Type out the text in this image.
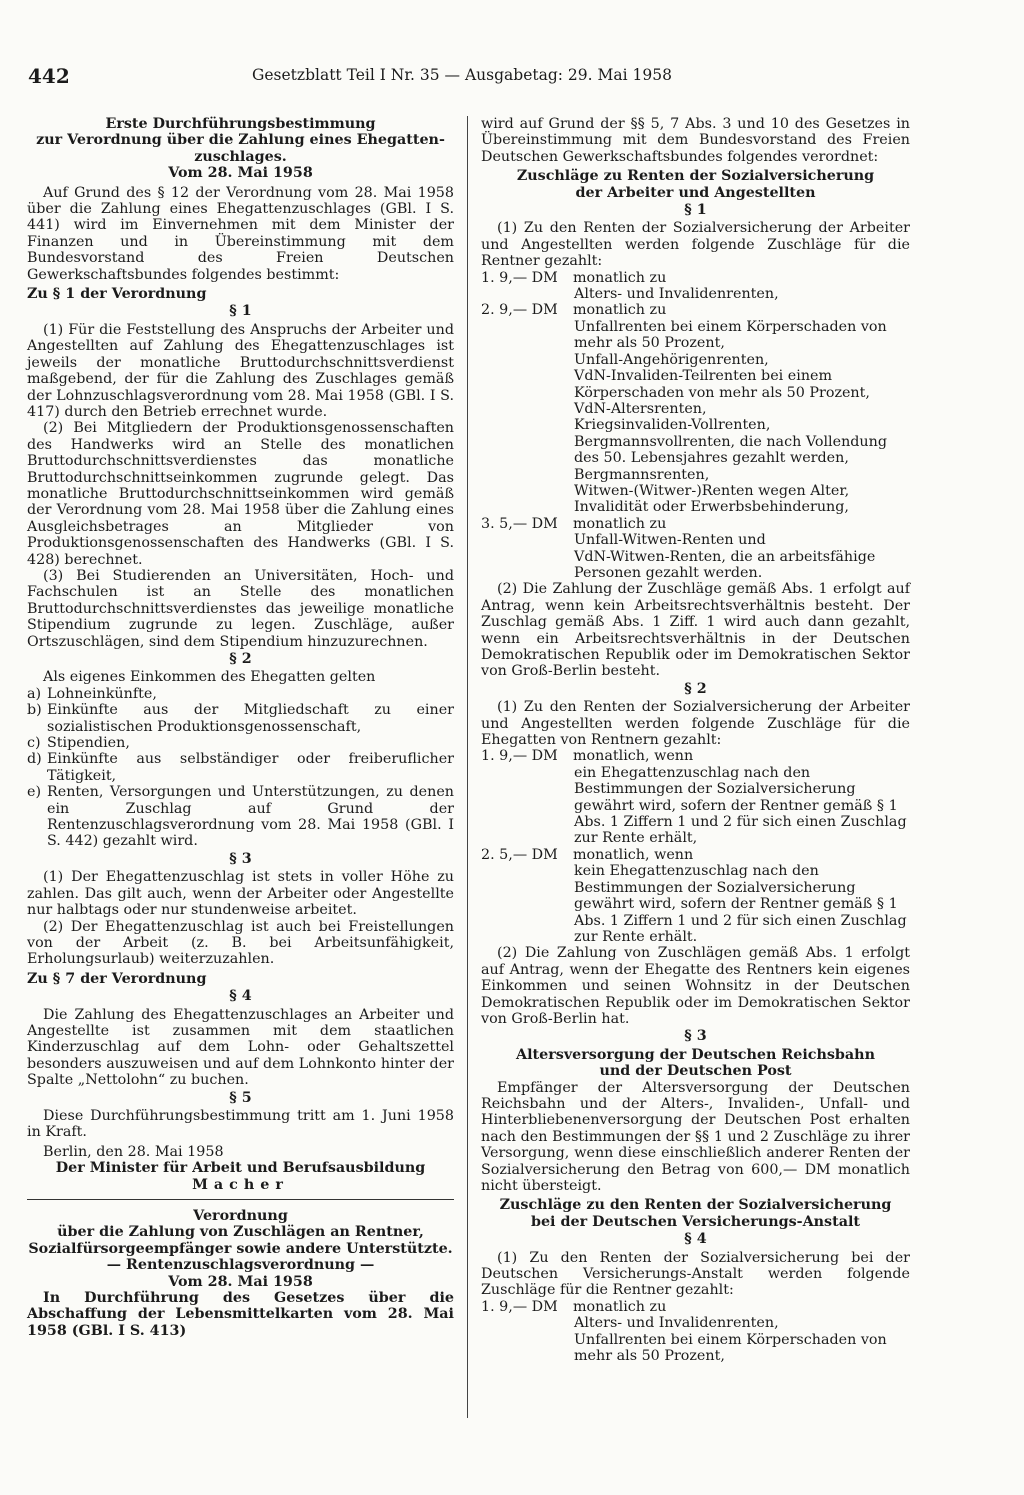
442	Gesetzblatt Teil I Nr. 35 — Ausgabetag: 29. Mai 1958

Erste Durchführungsbestimmung

zur Verordnung über die Zahlung eines Ehegatten-

zuschlages.

Vom 28. Mai 1958

Auf Grund des § 12 der Verordnung vom 28. Mai 1958 über die Zahlung eines Ehegattenzuschlages (GBl. I S. 441) wird im Einvernehmen mit dem Minister der Finanzen und in Übereinstimmung mit dem Bundesvorstand des Freien Deutschen Gewerkschaftsbundes folgendes bestimmt:

Zu § 1 der Verordnung

§ 1

(1) Für die Feststellung des Anspruchs der Arbeiter und Angestellten auf Zahlung des Ehegattenzuschlages ist jeweils der monatliche Bruttodurchschnittsverdienst maßgebend, der für die Zahlung des Zuschlages gemäß der Lohnzuschlagsverordnung vom 28. Mai 1958 (GBl. I S. 417) durch den Betrieb errechnet wurde.

(2) Bei Mitgliedern der Produktionsgenossenschaften des Handwerks wird an Stelle des monatlichen Bruttodurchschnittsverdienstes das monatliche Bruttodurchschnittseinkommen zugrunde gelegt. Das monatliche Bruttodurchschnittseinkommen wird gemäß der Verordnung vom 28. Mai 1958 über die Zahlung eines Ausgleichsbetrages an Mitglieder von Produktionsgenossenschaften des Handwerks (GBl. I S. 428) berechnet.

(3) Bei Studierenden an Universitäten, Hoch- und Fachschulen ist an Stelle des monatlichen Bruttodurchschnittsverdienstes das jeweilige monatliche Stipendium zugrunde zu legen. Zuschläge, außer Ortszuschlägen, sind dem Stipendium hinzuzurechnen.

§ 2

Als eigenes Einkommen des Ehegatten gelten

a) Lohneinkünfte,
b) Einkünfte aus der Mitgliedschaft zu einer sozialistischen Produktionsgenossenschaft,
c) Stipendien,
d) Einkünfte aus selbständiger oder freiberuflicher Tätigkeit,
e) Renten, Versorgungen und Unterstützungen, zu denen ein Zuschlag auf Grund der Rentenzuschlagsverordnung vom 28. Mai 1958 (GBl. I S. 442) gezahlt wird.

§ 3

(1) Der Ehegattenzuschlag ist stets in voller Höhe zu zahlen. Das gilt auch, wenn der Arbeiter oder Angestellte nur halbtags oder nur stundenweise arbeitet.

(2) Der Ehegattenzuschlag ist auch bei Freistellungen von der Arbeit (z. B. bei Arbeitsunfähigkeit, Erholungsurlaub) weiterzuzahlen.

Zu § 7 der Verordnung

§ 4

Die Zahlung des Ehegattenzuschlages an Arbeiter und Angestellte ist zusammen mit dem staatlichen Kinderzuschlag auf dem Lohn- oder Gehaltszettel besonders auszuweisen und auf dem Lohnkonto hinter der Spalte „Nettolohn“ zu buchen.

§ 5

Diese Durchführungsbestimmung tritt am 1. Juni 1958 in Kraft.

Berlin, den 28. Mai 1958

Der Minister für Arbeit und Berufsausbildung

Macher

Verordnung

über die Zahlung von Zuschlägen an Rentner,

Sozialfürsorgeempfänger sowie andere Unterstützte.

— Rentenzuschlagsverordnung —

Vom 28. Mai 1958

In Durchführung des Gesetzes über die Abschaffung der Lebensmittelkarten vom 28. Mai 1958 (GBl. I S. 413)

wird auf Grund der §§ 5, 7 Abs. 3 und 10 des Gesetzes in Übereinstimmung mit dem Bundesvorstand des Freien Deutschen Gewerkschaftsbundes folgendes verordnet:

Zuschläge zu Renten der Sozialversicherung

der Arbeiter und Angestellten

§ 1

(1) Zu den Renten der Sozialversicherung der Arbeiter und Angestellten werden folgende Zuschläge für die Rentner gezahlt:

1. 9,— DM	monatlich zu

Alters- und Invalidenrenten,

2. 9,— DM	monatlich zu

Unfallrenten bei einem Körperschaden von mehr als 50 Prozent,

Unfall-Angehörigenrenten,

VdN-Invaliden-Teilrenten bei einem Körperschaden von mehr als 50 Prozent,

VdN-Altersrenten,

Kriegsinvaliden-Vollrenten,

Bergmannsvollrenten, die nach Vollendung des 50. Lebensjahres gezahlt werden,

Bergmannsrenten,

Witwen-(Witwer-)Renten wegen Alter, Invalidität oder Erwerbsbehinderung,

3. 5,— DM	monatlich zu

Unfall-Witwen-Renten und

VdN-Witwen-Renten, die an arbeitsfähige Personen gezahlt werden.

(2) Die Zahlung der Zuschläge gemäß Abs. 1 erfolgt auf Antrag, wenn kein Arbeitsrechtsverhältnis besteht. Der Zuschlag gemäß Abs. 1 Ziff. 1 wird auch dann gezahlt, wenn ein Arbeitsrechtsverhältnis in der Deutschen Demokratischen Republik oder im Demokratischen Sektor von Groß-Berlin besteht.

§ 2

(1) Zu den Renten der Sozialversicherung der Arbeiter und Angestellten werden folgende Zuschläge für die Ehegatten von Rentnern gezahlt:

1. 9,— DM	monatlich, wenn

ein Ehegattenzuschlag nach den Bestimmungen der Sozialversicherung gewährt wird, sofern der Rentner gemäß § 1 Abs. 1 Ziffern 1 und 2 für sich einen Zuschlag zur Rente erhält,

2. 5,— DM	monatlich, wenn

kein Ehegattenzuschlag nach den Bestimmungen der Sozialversicherung gewährt wird, sofern der Rentner gemäß § 1 Abs. 1 Ziffern 1 und 2 für sich einen Zuschlag zur Rente erhält.

(2) Die Zahlung von Zuschlägen gemäß Abs. 1 erfolgt auf Antrag, wenn der Ehegatte des Rentners kein eigenes Einkommen und seinen Wohnsitz in der Deutschen Demokratischen Republik oder im Demokratischen Sektor von Groß-Berlin hat.

§ 3

Altersversorgung der Deutschen Reichsbahn

und der Deutschen Post

Empfänger der Altersversorgung der Deutschen Reichsbahn und der Alters-, Invaliden-, Unfall- und Hinterbliebenenversorgung der Deutschen Post erhalten nach den Bestimmungen der §§ 1 und 2 Zuschläge zu ihrer Versorgung, wenn diese einschließlich anderer Renten der Sozialversicherung den Betrag von 600,— DM monatlich nicht übersteigt.

Zuschläge zu den Renten der Sozialversicherung

bei der Deutschen Versicherungs-Anstalt

§ 4

(1) Zu den Renten der Sozialversicherung bei der Deutschen Versicherungs-Anstalt werden folgende Zuschläge für die Rentner gezahlt:

1. 9,— DM	monatlich zu

Alters- und Invalidenrenten,

Unfallrenten bei einem Körperschaden von mehr als 50 Prozent,
